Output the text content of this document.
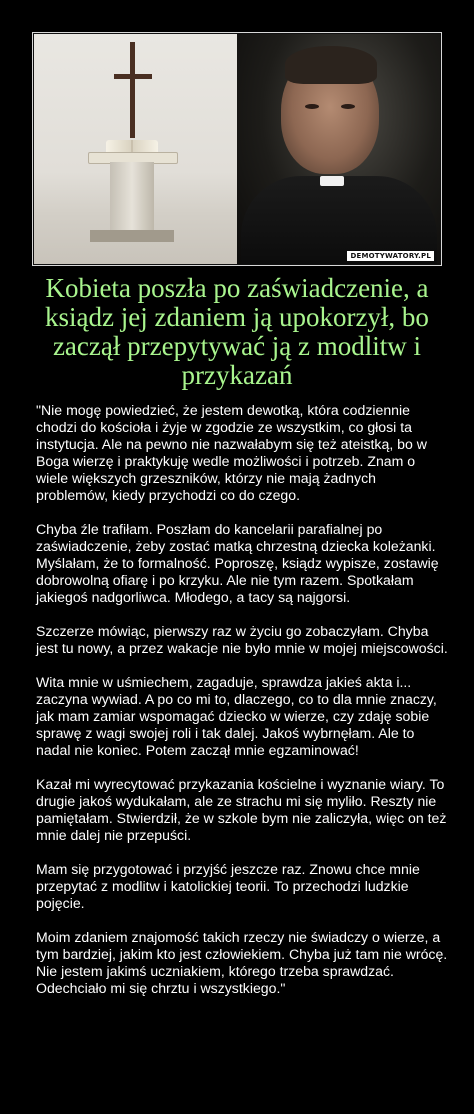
DEMOTYWATORY.PL
Kobieta poszła po zaświadczenie, a ksiądz jej zdaniem ją upokorzył, bo zaczął przepytywać ją z modlitw i przykazań

"Nie mogę powiedzieć, że jestem dewotką, która codziennie chodzi do kościoła i żyje w zgodzie ze wszystkim, co głosi ta instytucja. Ale na pewno nie nazwałabym się też ateistką, bo w Boga wierzę i praktykuję wedle możliwości i potrzeb. Znam o wiele większych grzeszników, którzy nie mają żadnych problemów, kiedy przychodzi co do czego.

Chyba źle trafiłam. Poszłam do kancelarii parafialnej po zaświadczenie, żeby zostać matką chrzestną dziecka koleżanki. Myślałam, że to formalność. Poproszę, ksiądz wypisze, zostawię dobrowolną ofiarę i po krzyku. Ale nie tym razem. Spotkałam jakiegoś nadgorliwca. Młodego, a tacy są najgorsi.

Szczerze mówiąc, pierwszy raz w życiu go zobaczyłam. Chyba jest tu nowy, a przez wakacje nie było mnie w mojej miejscowości.

Wita mnie w uśmiechem, zagaduje, sprawdza jakieś akta i... zaczyna wywiad. A po co mi to, dlaczego, co to dla mnie znaczy, jak mam zamiar wspomagać dziecko w wierze, czy zdaję sobie sprawę z wagi swojej roli i tak dalej. Jakoś wybrnęłam. Ale to nadal nie koniec. Potem zaczął mnie egzaminować!

Kazał mi wyrecytować przykazania kościelne i wyznanie wiary. To drugie jakoś wydukałam, ale ze strachu mi się myliło. Reszty nie pamiętałam. Stwierdził, że w szkole bym nie zaliczyła, więc on też mnie dalej nie przepuści.

Mam się przygotować i przyjść jeszcze raz. Znowu chce mnie przepytać z modlitw i katolickiej teorii. To przechodzi ludzkie pojęcie.

Moim zdaniem znajomość takich rzeczy nie świadczy o wierze, a tym bardziej, jakim kto jest człowiekiem. Chyba już tam nie wrócę. Nie jestem jakimś uczniakiem, którego trzeba sprawdzać. Odechciało mi się chrztu i wszystkiego."
